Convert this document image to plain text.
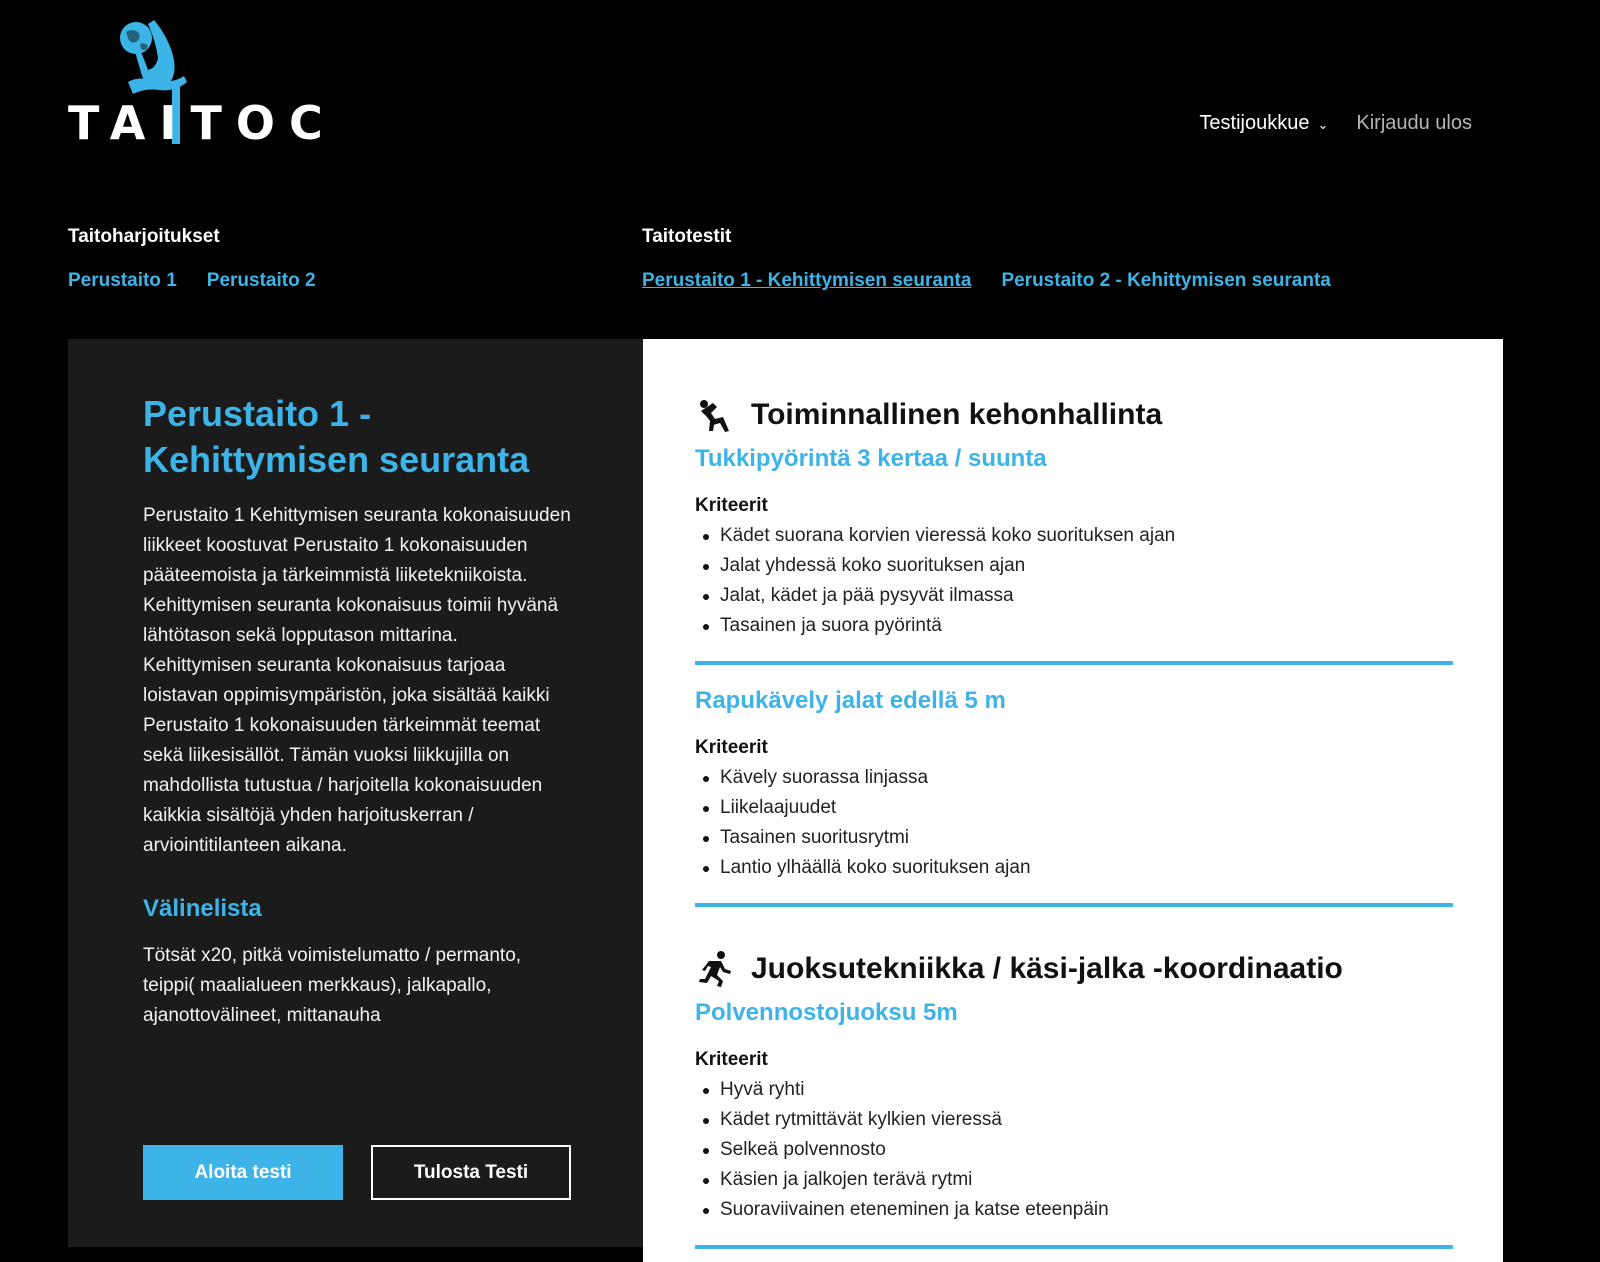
TAITOC	Testijoukkue ⌄ Kirjaudu ulos
Taitoharjoitukset
Perustaito 1 Perustaito 2
Taitotestit
Perustaito 1 - Kehittymisen seuranta Perustaito 2 - Kehittymisen seuranta
Perustaito 1 - Kehittymisen seuranta

Perustaito 1 Kehittymisen seuranta kokonaisuuden liikkeet koostuvat Perustaito 1 kokonaisuuden pääteemoista ja tärkeimmistä liiketekniikoista. Kehittymisen seuranta kokonaisuus toimii hyvänä lähtötason sekä lopputason mittarina.

Kehittymisen seuranta kokonaisuus tarjoaa loistavan oppimisympäristön, joka sisältää kaikki Perustaito 1 kokonaisuuden tärkeimmät teemat sekä liikesisällöt. Tämän vuoksi liikkujilla on mahdollista tutustua / harjoitella kokonaisuuden kaikkia sisältöjä yhden harjoituskerran / arviointitilanteen aikana.

Välinelista
Tötsät x20, pitkä voimistelumatto / permanto, teippi( maalialueen merkkaus), jalkapallo, ajanottovälineet, mittanauha
Aloita testi	Tulosta Testi
Toiminnallinen kehonhallinta
Tukkipyörintä 3 kertaa / suunta
Kriteerit
Kädet suorana korvien vieressä koko suorituksen ajan
Jalat yhdessä koko suorituksen ajan
Jalat, kädet ja pää pysyvät ilmassa
Tasainen ja suora pyörintä
Rapukävely jalat edellä 5 m
Kriteerit
Kävely suorassa linjassa
Liikelaajuudet
Tasainen suoritusrytmi
Lantio ylhäällä koko suorituksen ajan
Juoksutekniikka / käsi-jalka -koordinaatio
Polvennostojuoksu 5m
Kriteerit
Hyvä ryhti
Kädet rytmittävät kylkien vieressä
Selkeä polvennosto
Käsien ja jalkojen terävä rytmi
Suoraviivainen eteneminen ja katse eteenpäin
